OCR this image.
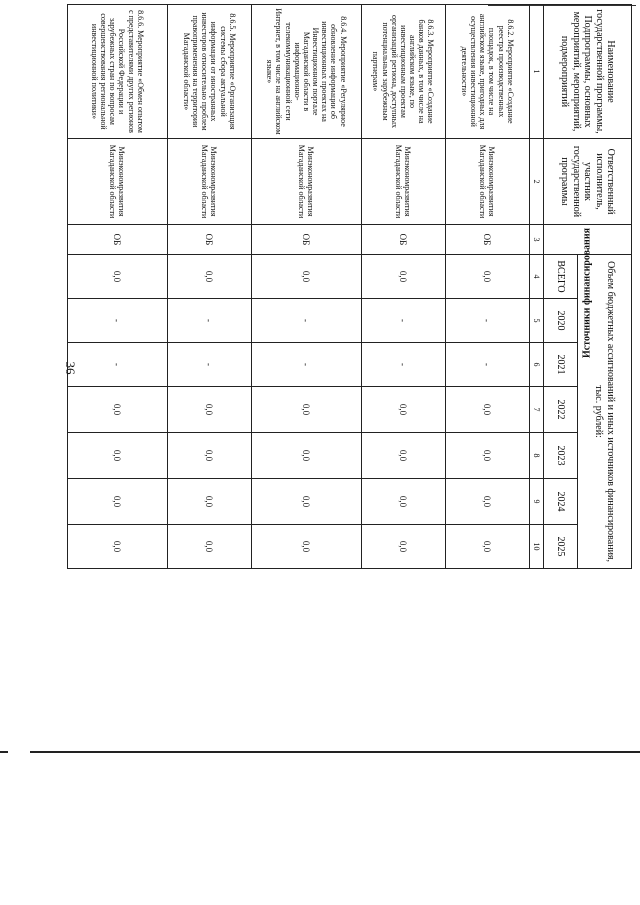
36
Наименование государственной программы, Подпрограммы, основных мероприятий, мероприятий, подмероприятий	Ответственный исполнитель, участник государственной программы	Источники финансирования	Объем бюджетных ассигнований и иных источников финансирования, тыс. рублей:						
			ВСЕГО	2020	2021	2022	2023	2024	2025
1	2	3	4	5	6	7	8	9	10
8.6.2. Мероприятие «Создание реестра производственных площадок, в том числе на английском языке, пригодных для осуществления инвестиционной деятельности»	Минэкономразвития Магаданской области	ОБ	0,0	-	-	0,0	0,0	0,0	0,0
8.6.3. Мероприятие «Создание банков данных, в том числе на английском языке, по инвестиционным проектам организаций региона, доступных потенциальным зарубежным партнерам»	Минэкономразвития Магаданской области	ОБ	0,0	-	-	0,0	0,0	0,0	0,0
8.6.4. Мероприятие «Регулярное обновление информации об инвестиционных проектах на Инвестиционном портале Магаданской области в информационно-телекоммуникационной сети Интернет, в том числе на английском языке»	Минэкономразвития Магаданской области	ОБ	0,0	-	-	0,0	0,0	0,0	0,0
8.6.5. Мероприятие «Организация системы сбора актуальной информации от иностранных инвесторов относительно проблем правоприменения на территории Магаданской области»	Минэкономразвития Магаданской области	ОБ	0,0	-	-	0,0	0,0	0,0	0,0
8.6.6. Мероприятие «Обмен опытом с представителями других регионов Российской Федерации и зарубежных стран по вопросам совершенствования региональной инвестиционной политики»	Минэкономразвития Магаданской области	ОБ	0,0	-	-	0,0	0,0	0,0	0,0
